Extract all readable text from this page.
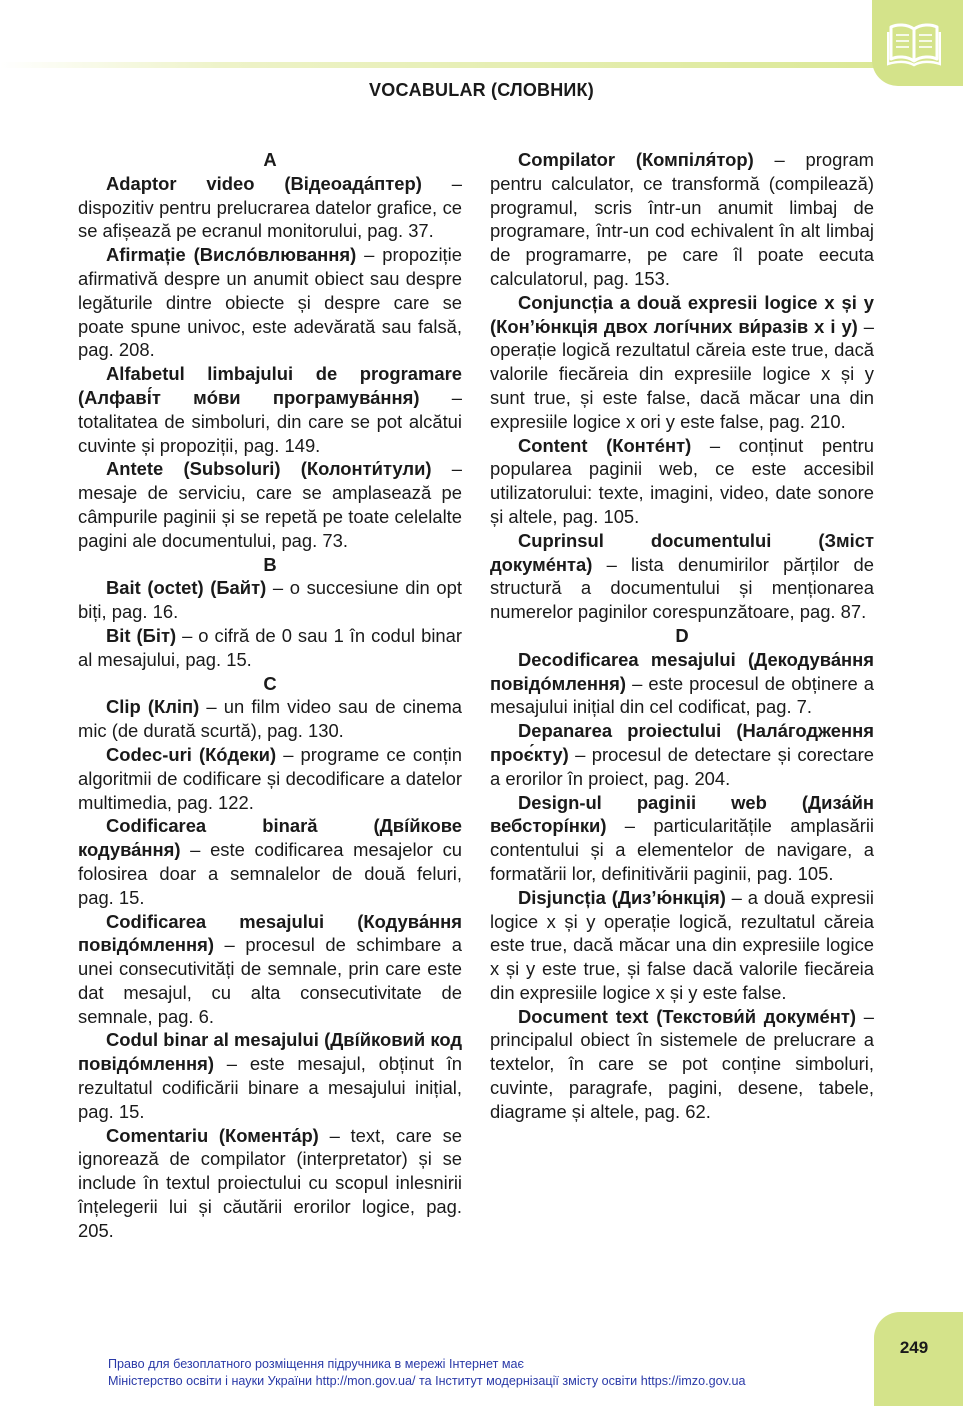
VOCABULAR (СЛОВНИК)

A

Adaptor video (Відеоада́птер) – dispozitiv pentru prelucrarea datelor grafice, ce se afișează pe ecranul monitorului, pag. 37.

Afirmație (Вислóвлювання) – propoziție afirmativă despre un anumit obiect sau despre legăturile dintre obiecte și despre care se poate spune univoc, este adevărată sau falsă, pag. 208.

Alfabetul limbajului de programare (Алфаві́т мóви програмува́ння) – totalitatea de simboluri, din care se pot alcătui cuvinte și propoziții, pag. 149.

Antete (Subsoluri) (Колонти́тули) – mesaje de serviciu, care se amplasează pe câmpurile paginii și se repetă pe toate celelalte pagini ale documentului, pag. 73.

B

Bait (octet) (Байт) – o succesiune din opt biți, pag. 16.

Bit (Біт) – o cifră de 0 sau 1 în codul binar al mesajului, pag. 15.

C

Clip (Кліп) – un film video sau de cinema mic (de durată scurtă), pag. 130.

Codec-uri (Кóдеки) – programe ce conțin algoritmii de codificare și decodificare a datelor multimedia, pag. 122.

Codificarea binară (Двíйкове кодува́ння) – este codificarea mesajelor cu folosirea doar a semnalelor de două feluri, pag. 15.

Codificarea mesajului (Кодува́ння повідóмлення) – procesul de schimbare a unei consecutivități de semnale, prin care este dat mesajul, cu alta consecutivitate de semnale, pag. 6.

Codul binar al mesajului (Двíйковий код повідóмлення) – este mesajul, obținut în rezultatul codificării binare a mesajului inițial, pag. 15.

Comentariu (Комента́р) – text, care se ignorează de compilator (interpretator) și se include în textul proiectului cu scopul inlesnirii înțelegerii lui și căutării erorilor logice, pag. 205.

Compilator (Компіля́тор) – program pentru calculator, ce transformă (compilează) programul, scris într-un anumit limbaj de programare, într-un cod echivalent în alt limbaj de programarre, pe care îl poate eecuta calculatorul, pag. 153.

Conjuncția a două expresii logice x și y (Конʼю́нкція двох логíчних ви́разів x і y) – operație logică rezultatul căreia este true, dacă valorile fiecăreia din expresiile logice x și y sunt true, și este false, dacă măcar una din expresiile logice x ori y este false, pag. 210.

Content (Контéнт) – conținut pentru popularea paginii web, ce este accesibil utilizatorului: texte, imagini, video, date sonore și altele, pag. 105.

Cuprinsul documentului (Зміст докумéнта) – lista denumirilor părților de structură a documentului și menționarea numerelor paginilor corespunzătoare, pag. 87.

D

Decodificarea mesajului (Декодува́ння повідóмлення) – este procesul de obținere a mesajului inițial din cel codificat, pag. 7.

Depanarea proiectului (Налáгодження проє́кту) – procesul de detectare și corectare a erorilor în proiect, pag. 204.

Design-ul paginii web (Диза́йн вебсторíнки) – particularitățile amplasării contentului și a elementelor de navigare, a formatării lor, definitivării paginii, pag. 105.

Disjuncția (Дизʼю́нкція) – a două expresii logice x și y operație logică, rezultatul căreia este true, dacă măcar una din expresiile logice x și y este true, și false dacă valorile fiecăreia din expresiile logice x și y este false.

Document text (Текстови́й докумéнт) – principalul obiect în sistemele de prelucrare a textelor, în care se pot conține simboluri, cuvinte, paragrafe, pagini, desene, tabele, diagrame și altele, pag. 62.

249
Право для безоплатного розміщення підручника в мережі Інтернет має
Міністерство освіти і науки України http://mon.gov.ua/ та Інститут модернізації змісту освіти https://imzo.gov.ua
